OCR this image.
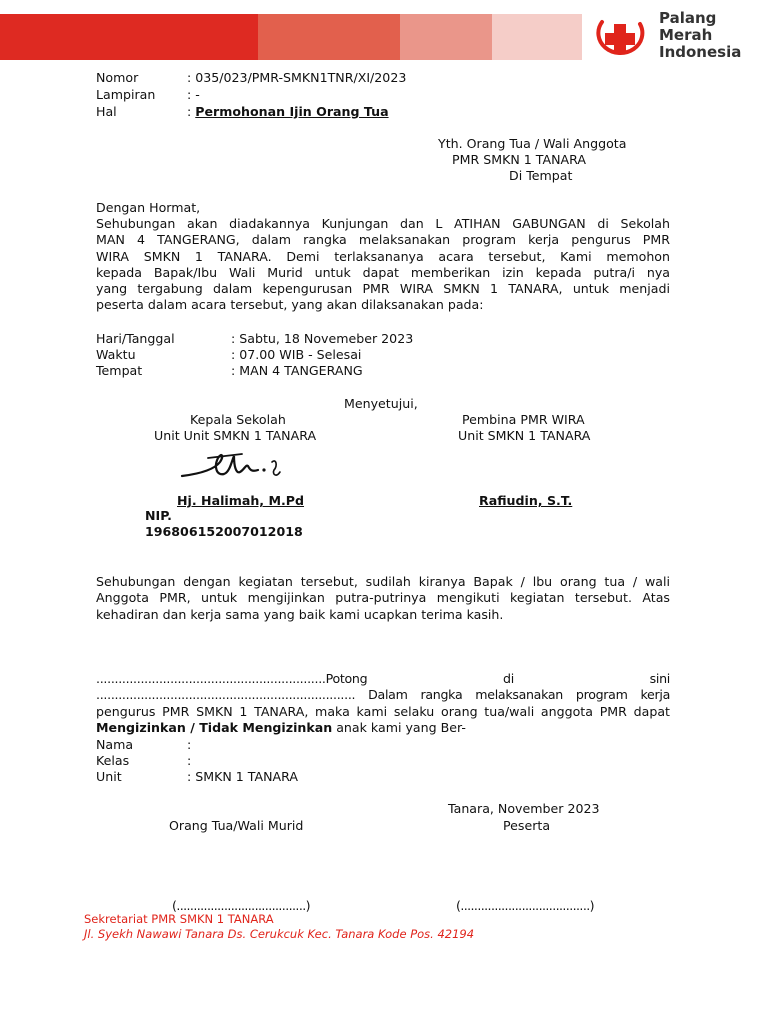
Palang
Merah
Indonesia
Nomor	: 035/023/PMR-SMKN1TNR/XI/2023
Lampiran	: -
Hal	: Permohonan Ijin Orang Tua
Yth. Orang Tua / Wali Anggota
PMR SMKN 1 TANARA
Di Tempat
Dengan Hormat,
Sehubungan akan diadakannya Kunjungan dan L ATIHAN GABUNGAN di Sekolah
MAN 4 TANGERANG, dalam rangka melaksanakan program kerja pengurus PMR
WIRA SMKN 1 TANARA. Demi terlaksananya acara tersebut, Kami memohon
kepada Bapak/Ibu Wali Murid untuk dapat memberikan izin kepada putra/i nya
yang tergabung dalam kepengurusan PMR WIRA SMKN 1 TANARA, untuk menjadi
peserta dalam acara tersebut, yang akan dilaksanakan pada:
Hari/Tanggal	: Sabtu, 18 Novemeber 2023
Waktu	: 07.00 WIB - Selesai
Tempat	: MAN 4 TANGERANG
Menyetujui,
Kepala Sekolah
Unit Unit SMKN 1 TANARA
Pembina PMR WIRA
Unit SMKN 1 TANARA
Hj. Halimah, M.Pd
NIP.
196806152007012018
Rafiudin, S.T.
Sehubungan dengan kegiatan tersebut, sudilah kiranya Bapak / lbu orang tua / wali
Anggota PMR, untuk mengijinkan putra-putrinya mengikuti kegiatan tersebut. Atas
kehadiran dan kerja sama yang baik kami ucapkan terima kasih.
..............................................................Potong di sini
...................................................................... Dalam rangka melaksanakan program kerja
pengurus PMR SMKN 1 TANARA, maka kami selaku orang tua/wali anggota PMR dapat
Mengizinkan / Tidak Mengizinkan anak kami yang Ber-
Nama	:
Kelas	:
Unit	: SMKN 1 TANARA
Tanara, November 2023
Orang Tua/Wali Murid	Peserta
(......................................)	(......................................)
Sekretariat PMR SMKN 1 TANARA
Jl. Syekh Nawawi Tanara Ds. Cerukcuk Kec. Tanara Kode Pos. 42194
